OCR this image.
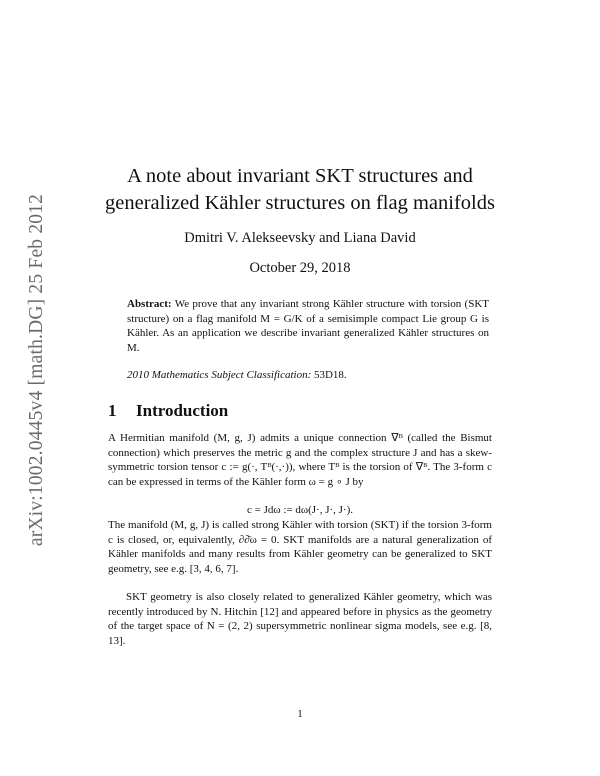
arXiv:1002.0445v4 [math.DG] 25 Feb 2012
A note about invariant SKT structures and
generalized Kähler structures on flag manifolds
Dmitri V. Alekseevsky and Liana David
October 29, 2018
Abstract: We prove that any invariant strong Kähler structure with torsion (SKT structure) on a flag manifold M = G/K of a semisimple compact Lie group G is Kähler. As an application we describe invariant generalized Kähler structures on M.
2010 Mathematics Subject Classification: 53D18.
1 Introduction
A Hermitian manifold (M, g, J) admits a unique connection ∇ᴮ (called the Bismut connection) which preserves the metric g and the complex structure J and has a skew-symmetric torsion tensor c := g(·, Tᴮ(·,·)), where Tᴮ is the torsion of ∇ᴮ. The 3-form c can be expressed in terms of the Kähler form ω = g ∘ J by
c = Jdω := dω(J·, J·, J·).
The manifold (M, g, J) is called strong Kähler with torsion (SKT) if the torsion 3-form c is closed, or, equivalently, ∂∂̄ω = 0. SKT manifolds are a natural generalization of Kähler manifolds and many results from Kähler geometry can be generalized to SKT geometry, see e.g. [3, 4, 6, 7].
SKT geometry is also closely related to generalized Kähler geometry, which was recently introduced by N. Hitchin [12] and appeared before in physics as the geometry of the target space of N = (2, 2) supersymmetric nonlinear sigma models, see e.g. [8, 13].
1
